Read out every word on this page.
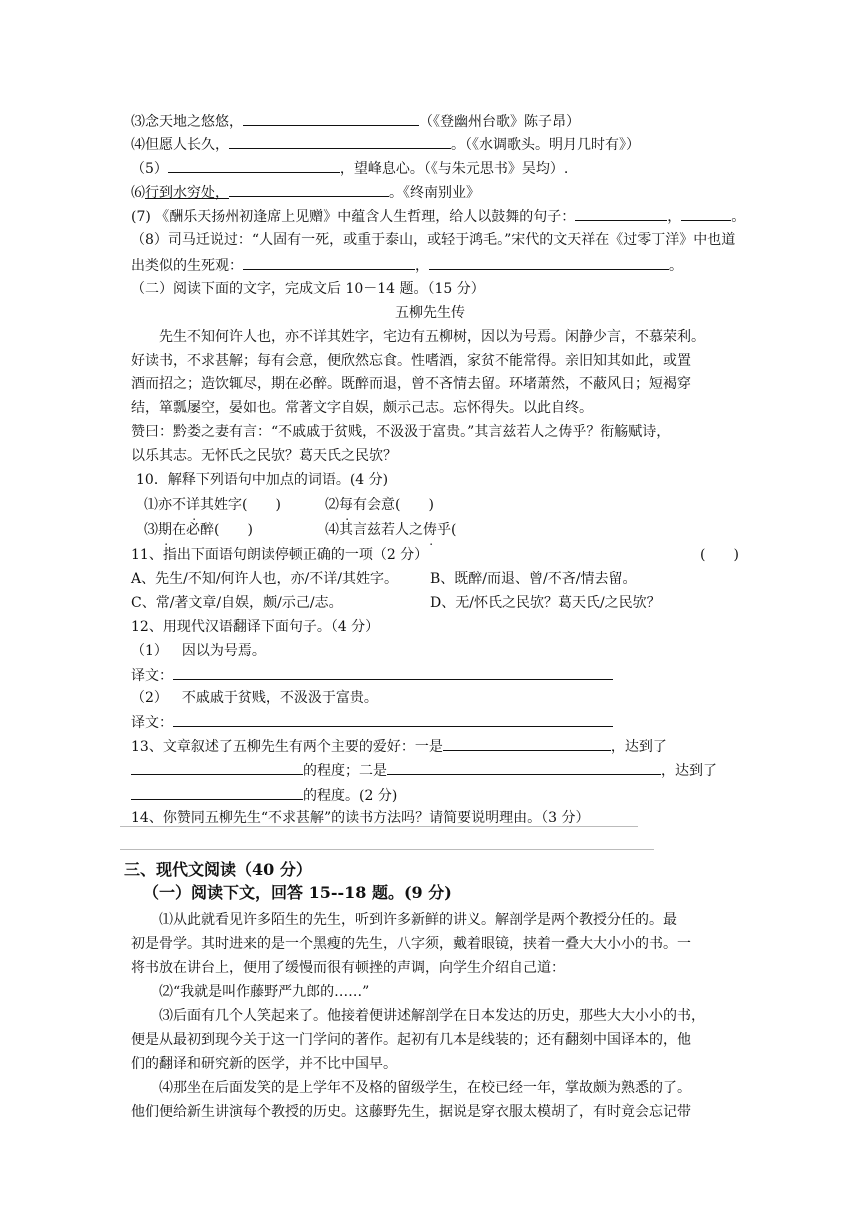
⑶念天地之悠悠，	（《登幽州台歌》陈子昂）
⑷但愿人长久，	。（《水调歌头。明月几时有》）
（5）	，望峰息心。（《与朱元思书》吴均）.
⑹行到水穷处，	。《终南别业》
(7) 《酬乐天扬州初逢席上见赠》中蕴含人生哲理，给人以鼓舞的句子：	，	。
（8）司马迁说过：“人固有一死，或重于泰山，或轻于鸿毛。”宋代的文天祥在《过零丁洋》中也道
出类似的生死观：	，	。
（二）阅读下面的文字，完成文后 10－14 题。（15 分）
五柳先生传
先生不知何许人也，亦不详其姓字，宅边有五柳树，因以为号焉。闲静少言，不慕荣利。
好读书，不求甚解；每有会意，便欣然忘食。性嗜酒，家贫不能常得。亲旧知其如此，或置
酒而招之；造饮辄尽，期在必醉。既醉而退，曾不吝情去留。环堵萧然，不蔽风日；短褐穿
结，箪瓢屡空，晏如也。常著文字自娱，颇示己志。忘怀得失。以此自终。
赞曰：黔娄之妻有言：“不戚戚于贫贱，不汲汲于富贵。”其言兹若人之俦乎？衔觞赋诗，
以乐其志。无怀氏之民欤？葛天氏之民欤？
10．解释下列语句中加点的词语。(4 分)
⑴亦不详其姓字(　　)	⑵每有会意(　　)
⑶期在必醉(　　)	⑷其言兹若人之俦乎(
11、指出下面语句朗读停顿正确的一项（2 分）	(　　)
A、先生/不知/何许人也，亦/不详/其姓字。 B、既醉/而退、曾/不吝/情去留。
C、常/著文章/自娱，颇/示己/志。	D、无/怀氏之民欤？葛天氏/之民欤？
12、用现代汉语翻译下面句子。（4 分）
（1） 因以为号焉。
译文：
（2） 不戚戚于贫贱，不汲汲于富贵。
译文：
13、文章叙述了五柳先生有两个主要的爱好：一是	，达到了
的程度；二是	，达到了
的程度。(2 分)
14、你赞同五柳先生“不求甚解”的读书方法吗？请简要说明理由。（3 分）
三、现代文阅读（40 分）
（一）阅读下文，回答 15--18 题。(9 分)
⑴从此就看见许多陌生的先生，听到许多新鲜的讲义。解剖学是两个教授分任的。最
初是骨学。其时进来的是一个黑瘦的先生，八字须，戴着眼镜，挟着一叠大大小小的书。一
将书放在讲台上，便用了缓慢而很有顿挫的声调，向学生介绍自己道：
⑵“我就是叫作藤野严九郎的……”
⑶后面有几个人笑起来了。他接着便讲述解剖学在日本发达的历史，那些大大小小的书，
便是从最初到现今关于这一门学问的著作。起初有几本是线装的；还有翻刻中国译本的，他
们的翻译和研究新的医学，并不比中国早。
⑷那坐在后面发笑的是上学年不及格的留级学生，在校已经一年，掌故颇为熟悉的了。
他们便给新生讲演每个教授的历史。这藤野先生，据说是穿衣服太模胡了，有时竟会忘记带
